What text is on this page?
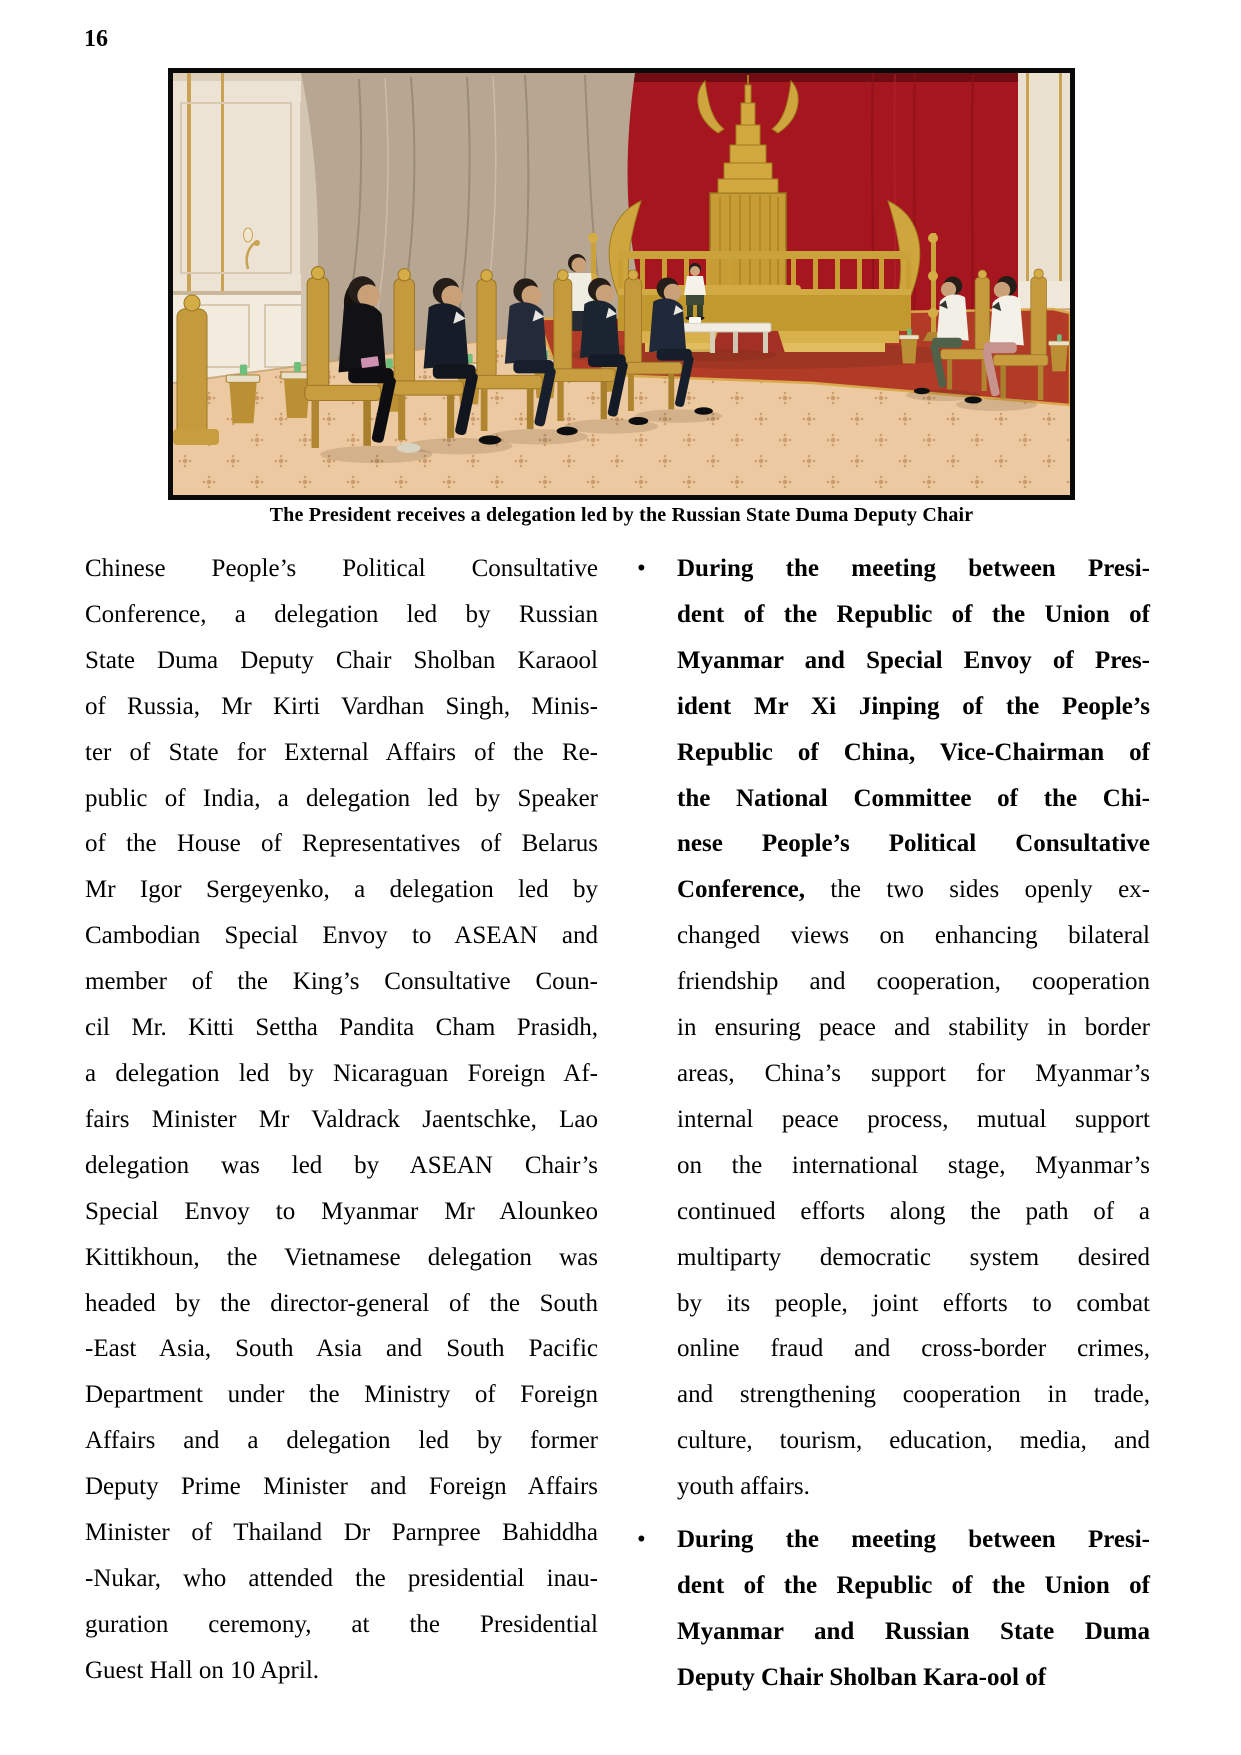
16
The President receives a delegation led by the Russian State Duma Deputy Chair
Chinese People’s Political Consultative
Conference, a delegation led by Russian
State Duma Deputy Chair Sholban Karaool
of Russia, Mr Kirti Vardhan Singh, Minis-
ter of State for External Affairs of the Re-
public of India, a delegation led by Speaker
of the House of Representatives of Belarus
Mr Igor Sergeyenko, a delegation led by
Cambodian Special Envoy to ASEAN and
member of the King’s Consultative Coun-
cil Mr. Kitti Settha Pandita Cham Prasidh,
a delegation led by Nicaraguan Foreign Af-
fairs Minister Mr Valdrack Jaentschke, Lao
delegation was led by ASEAN Chair’s
Special Envoy to Myanmar Mr Alounkeo
Kittikhoun, the Vietnamese delegation was
headed by the director-general of the South
-East Asia, South Asia and South Pacific
Department under the Ministry of Foreign
Affairs and a delegation led by former
Deputy Prime Minister and Foreign Affairs
Minister of Thailand Dr Parnpree Bahiddha
-Nukar, who attended the presidential inau-
guration ceremony, at the Presidential
Guest Hall on 10 April.
•	During the meeting between Presi-
dent of the Republic of the Union of
Myanmar and Special Envoy of Pres-
ident Mr Xi Jinping of the People’s
Republic of China, Vice-Chairman of
the National Committee of the Chi-
nese People’s Political Consultative
Conference, the two sides openly ex-
changed views on enhancing bilateral
friendship and cooperation, cooperation
in ensuring peace and stability in border
areas, China’s support for Myanmar’s
internal peace process, mutual support
on the international stage, Myanmar’s
continued efforts along the path of a
multiparty democratic system desired
by its people, joint efforts to combat
online fraud and cross-border crimes,
and strengthening cooperation in trade,
culture, tourism, education, media, and
youth affairs.
•	During the meeting between Presi-
dent of the Republic of the Union of
Myanmar and Russian State Duma
Deputy Chair Sholban Kara-ool of
